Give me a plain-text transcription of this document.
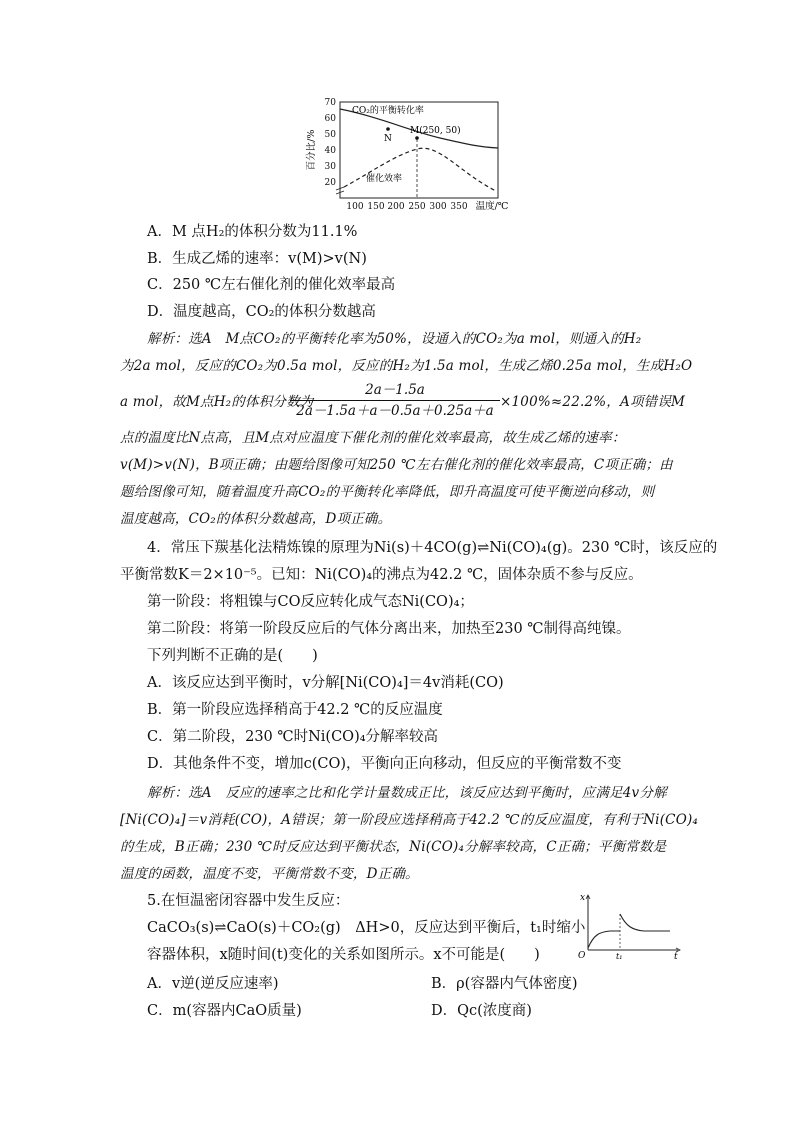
70
60
50
40
30
20
百分比/%
100 150 200 250 300 350 温度/℃
N
M(250, 50)
CO₂的平衡转化率
催化效率
A．M 点H₂的体积分数为11.1%
B．生成乙烯的速率：v(M)>v(N)
C．250 ℃左右催化剂的催化效率最高
D．温度越高，CO₂的体积分数越高
解析：选A　M点CO₂的平衡转化率为50%，设通入的CO₂为a mol，则通入的H₂
为2a mol，反应的CO₂为0.5a mol，反应的H₂为1.5a mol，生成乙烯0.25a mol，生成H₂O
a mol，故M点H₂的体积分数为
2a－1.5a
2a－1.5a＋a－0.5a＋0.25a＋a
×100%≈22.2%，A项错误M
点的温度比N点高，且M点对应温度下催化剂的催化效率最高，故生成乙烯的速率：
v(M)>v(N)，B项正确；由题给图像可知250 ℃左右催化剂的催化效率最高，C项正确；由
题给图像可知，随着温度升高CO₂的平衡转化率降低，即升高温度可使平衡逆向移动，则
温度越高，CO₂的体积分数越高，D项正确。
4．常压下羰基化法精炼镍的原理为Ni(s)＋4CO(g)⇌Ni(CO)₄(g)。230 ℃时，该反应的
平衡常数K＝2×10⁻⁵。已知：Ni(CO)₄的沸点为42.2 ℃，固体杂质不参与反应。
第一阶段：将粗镍与CO反应转化成气态Ni(CO)₄；
第二阶段：将第一阶段反应后的气体分离出来，加热至230 ℃制得高纯镍。
下列判断不正确的是(　　)
A．该反应达到平衡时，v分解[Ni(CO)₄]＝4v消耗(CO)
B．第一阶段应选择稍高于42.2 ℃的反应温度
C．第二阶段，230 ℃时Ni(CO)₄分解率较高
D．其他条件不变，增加c(CO)，平衡向正向移动，但反应的平衡常数不变
解析：选A　反应的速率之比和化学计量数成正比，该反应达到平衡时，应满足4v分解
[Ni(CO)₄]＝v消耗(CO)，A错误；第一阶段应选择稍高于42.2 ℃的反应温度，有利于Ni(CO)₄
的生成，B正确；230 ℃时反应达到平衡状态，Ni(CO)₄分解率较高，C正确；平衡常数是
温度的函数，温度不变，平衡常数不变，D正确。
5.在恒温密闭容器中发生反应：
CaCO₃(s)⇌CaO(s)＋CO₂(g)　ΔH>0，反应达到平衡后，t₁时缩小
容器体积，x随时间(t)变化的关系如图所示。x不可能是(　　)
x
O	t₁	t
A．v逆(逆反应速率)	B．ρ(容器内气体密度)
C．m(容器内CaO质量)	D．Qc(浓度商)
